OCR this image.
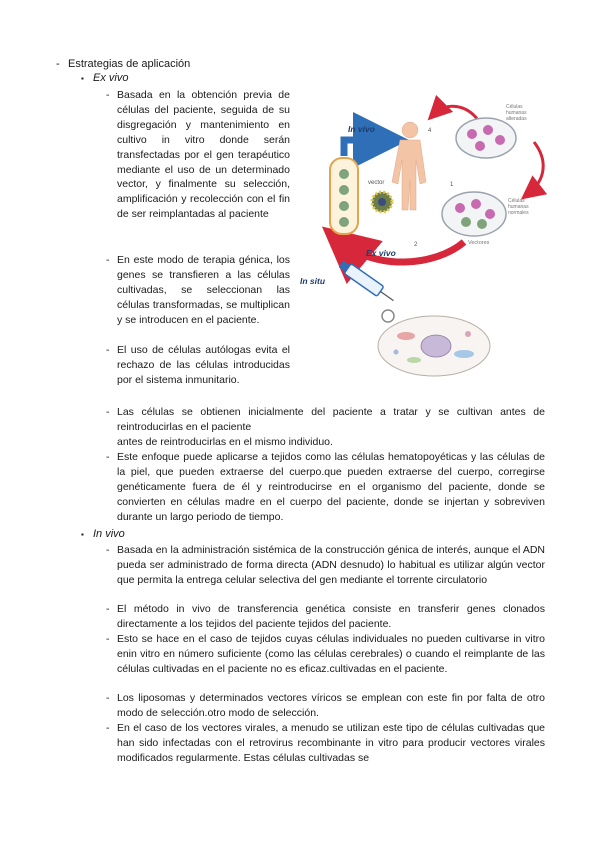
- Estrategias de aplicación
▪ Ex vivo
- Basada en la obtención previa de células del paciente, seguida de su disgregación y mantenimiento en cultivo in vitro donde serán transfectadas por el gen terapéutico mediante el uso de un determinado vector, y finalmente su selección, amplificación y recolección con el fin de ser reimplantadas al paciente
- En este modo de terapia génica, los genes se transfieren a las células cultivadas, se seleccionan las células transformadas, se multiplican y se introducen en el paciente.
- El uso de células autólogas evita el rechazo de las células introducidas por el sistema inmunitario.
- Las células se obtienen inicialmente del paciente a tratar y se cultivan antes de reintroducirlas en el paciente
antes de reintroducirlas en el mismo individuo.
- Este enfoque puede aplicarse a tejidos como las células hematopoyéticas y las células de la piel, que pueden extraerse del cuerpo.que pueden extraerse del cuerpo, corregirse genéticamente fuera de él y reintroducirse en el organismo del paciente, donde se convierten en células madre en el cuerpo del paciente, donde se injertan y sobreviven durante un largo periodo de tiempo.
▪ In vivo
- Basada en la administración sistémica de la construcción génica de interés, aunque el ADN pueda ser administrado de forma directa (ADN desnudo) lo habitual es utilizar algún vector que permita la entrega celular selectiva del gen mediante el torrente circulatorio
- El método in vivo de transferencia genética consiste en transferir genes clonados directamente a los tejidos del paciente tejidos del paciente.
- Esto se hace en el caso de tejidos cuyas células individuales no pueden cultivarse in vitro enin vitro en número suficiente (como las células cerebrales) o cuando el reimplante de las células cultivadas en el paciente no es eficaz.cultivadas en el paciente.
- Los liposomas y determinados vectores víricos se emplean con este fin por falta de otro modo de selección.otro modo de selección.
- En el caso de los vectores virales, a menudo se utilizan este tipo de células cultivadas que han sido infectadas con el retrovirus recombinante in vitro para producir vectores virales modificados regularmente. Estas células cultivadas se
In vivo	4
Ex vivo
2
1
vector
Células
humanas
alteradas
Células
humanas
normales
Vectores
In situ
